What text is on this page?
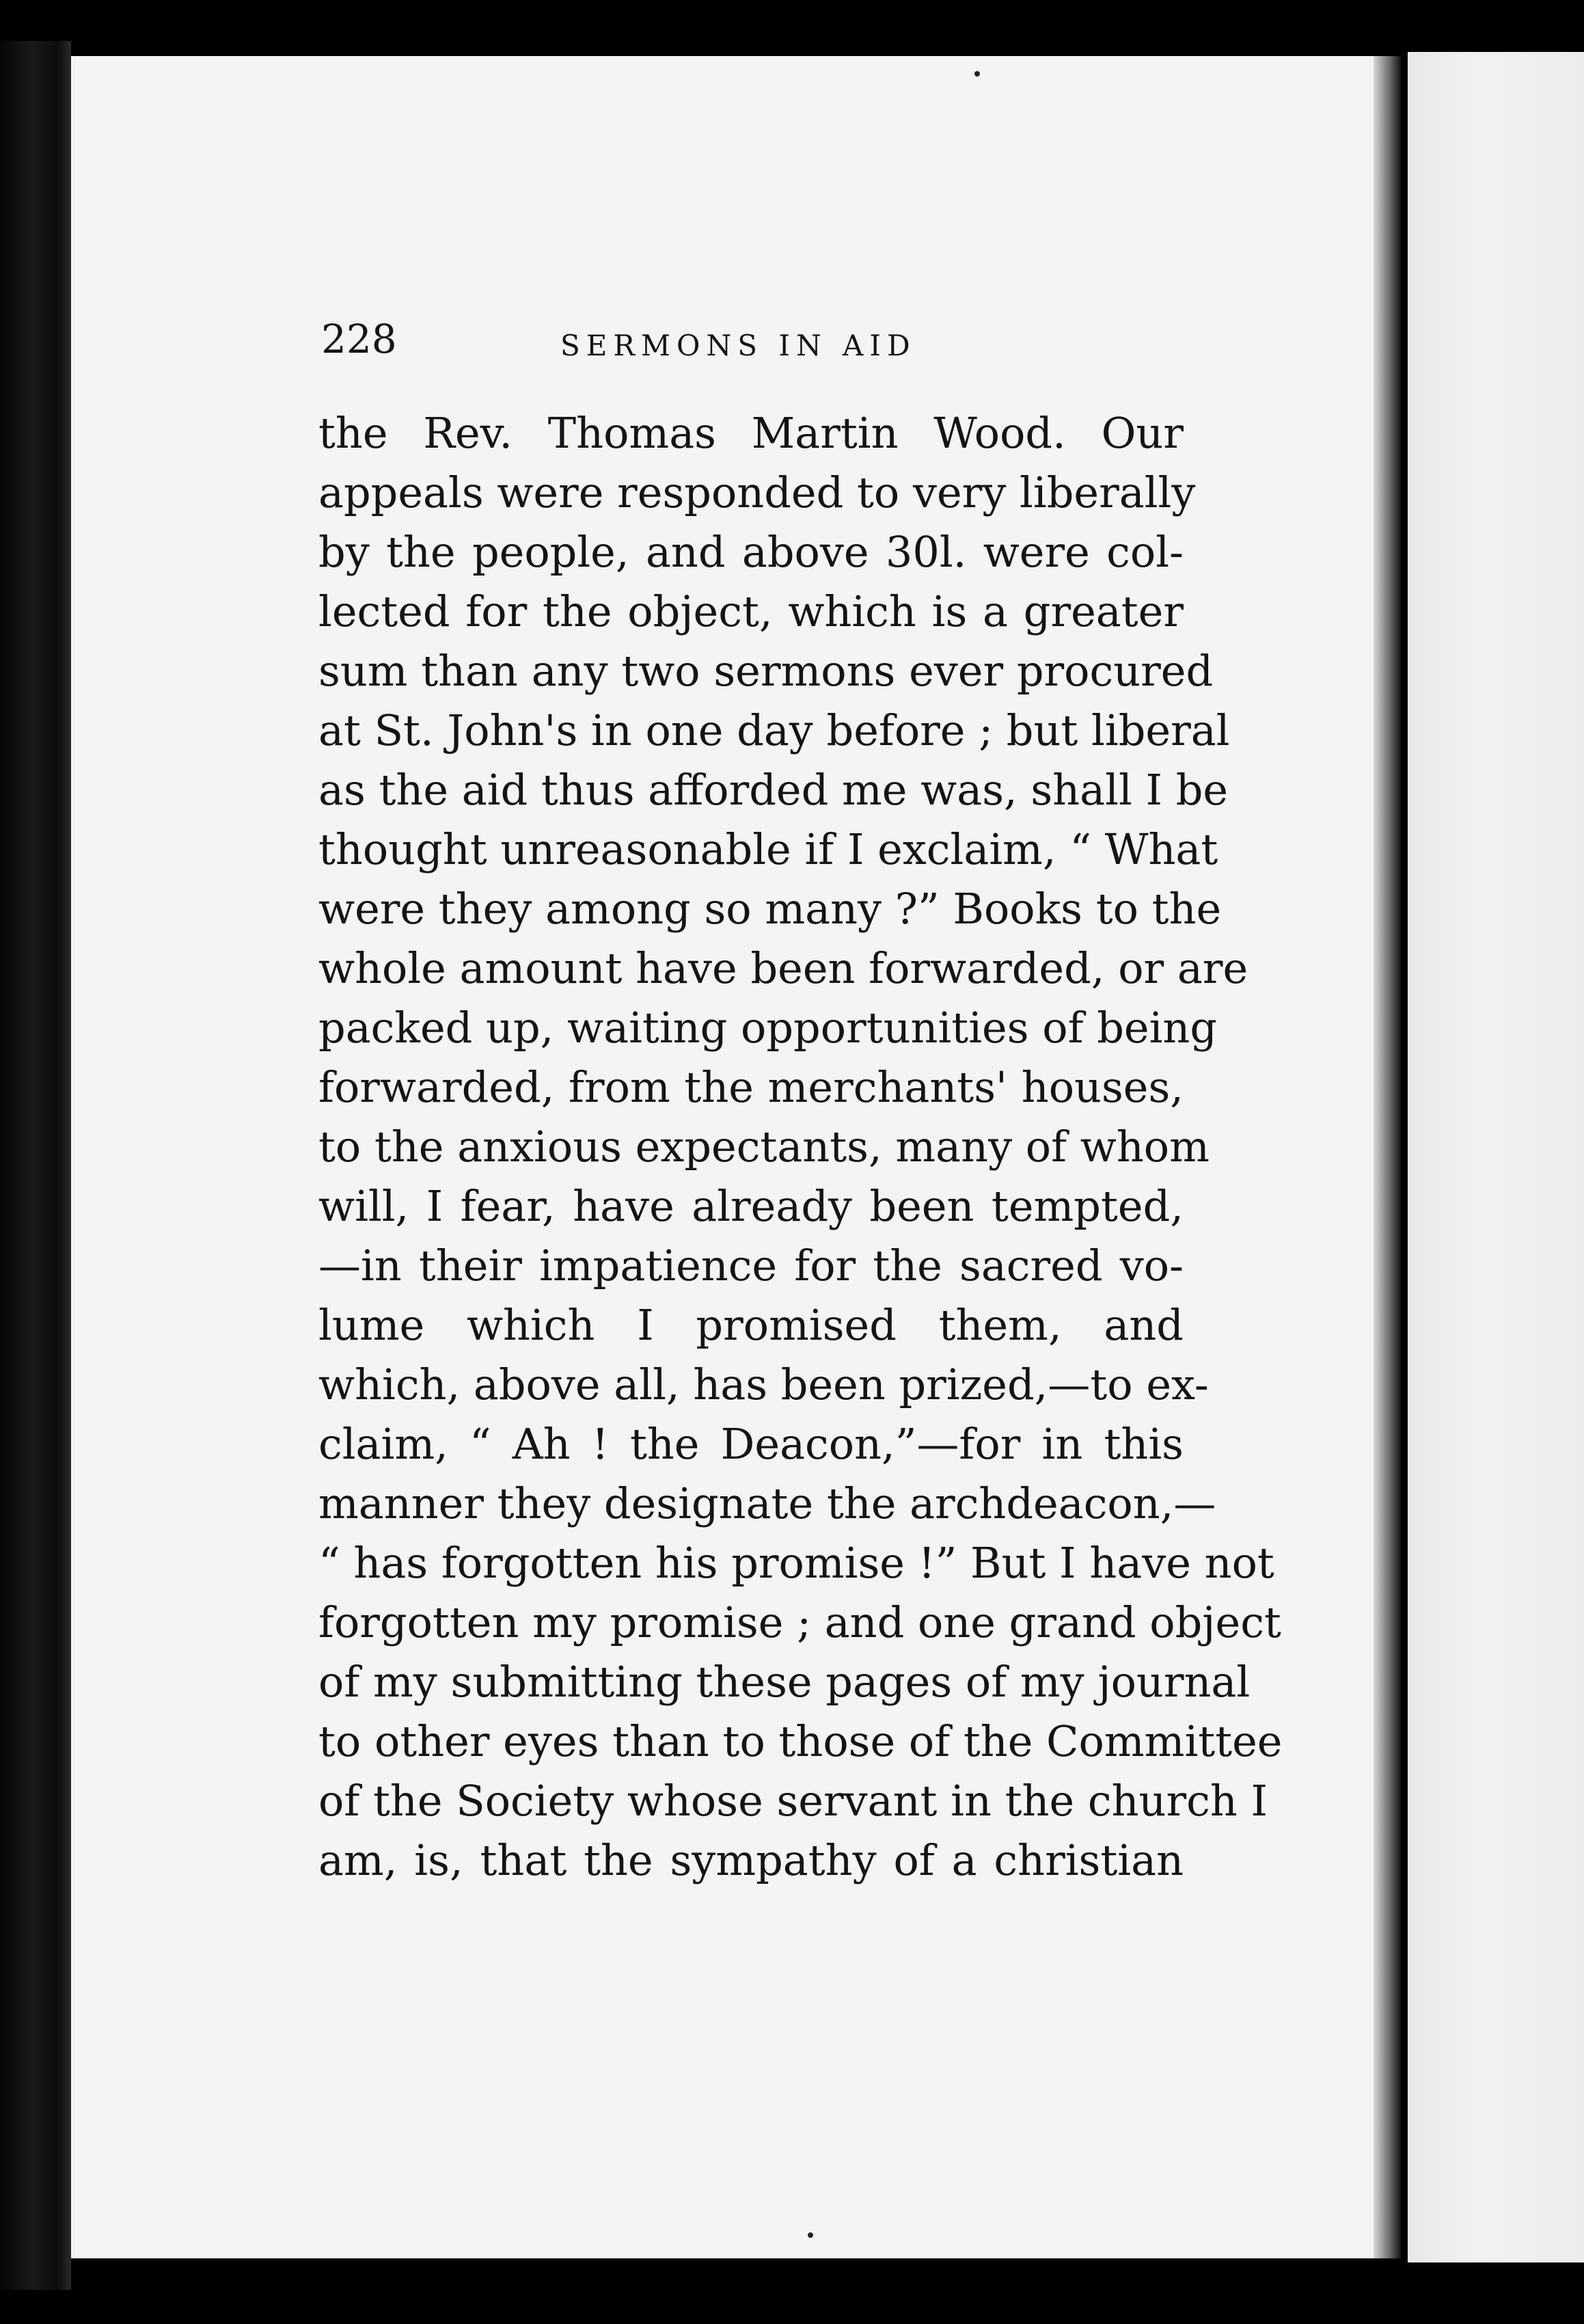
228	SERMONS IN AID
the Rev. Thomas Martin Wood. Our
appeals were responded to very liberally
by the people, and above 30l. were col-
lected for the object, which is a greater
sum than any two sermons ever procured
at St. John's in one day before ; but liberal
as the aid thus afforded me was, shall I be
thought unreasonable if I exclaim, “ What
were they among so many ?” Books to the
whole amount have been forwarded, or are
packed up, waiting opportunities of being
forwarded, from the merchants' houses,
to the anxious expectants, many of whom
will, I fear, have already been tempted,
—in their impatience for the sacred vo-
lume which I promised them, and
which, above all, has been prized,—to ex-
claim, “ Ah ! the Deacon,”—for in this
manner they designate the archdeacon,—
“ has forgotten his promise !” But I have not
forgotten my promise ; and one grand object
of my submitting these pages of my journal
to other eyes than to those of the Committee
of the Society whose servant in the church I
am, is, that the sympathy of a christian
